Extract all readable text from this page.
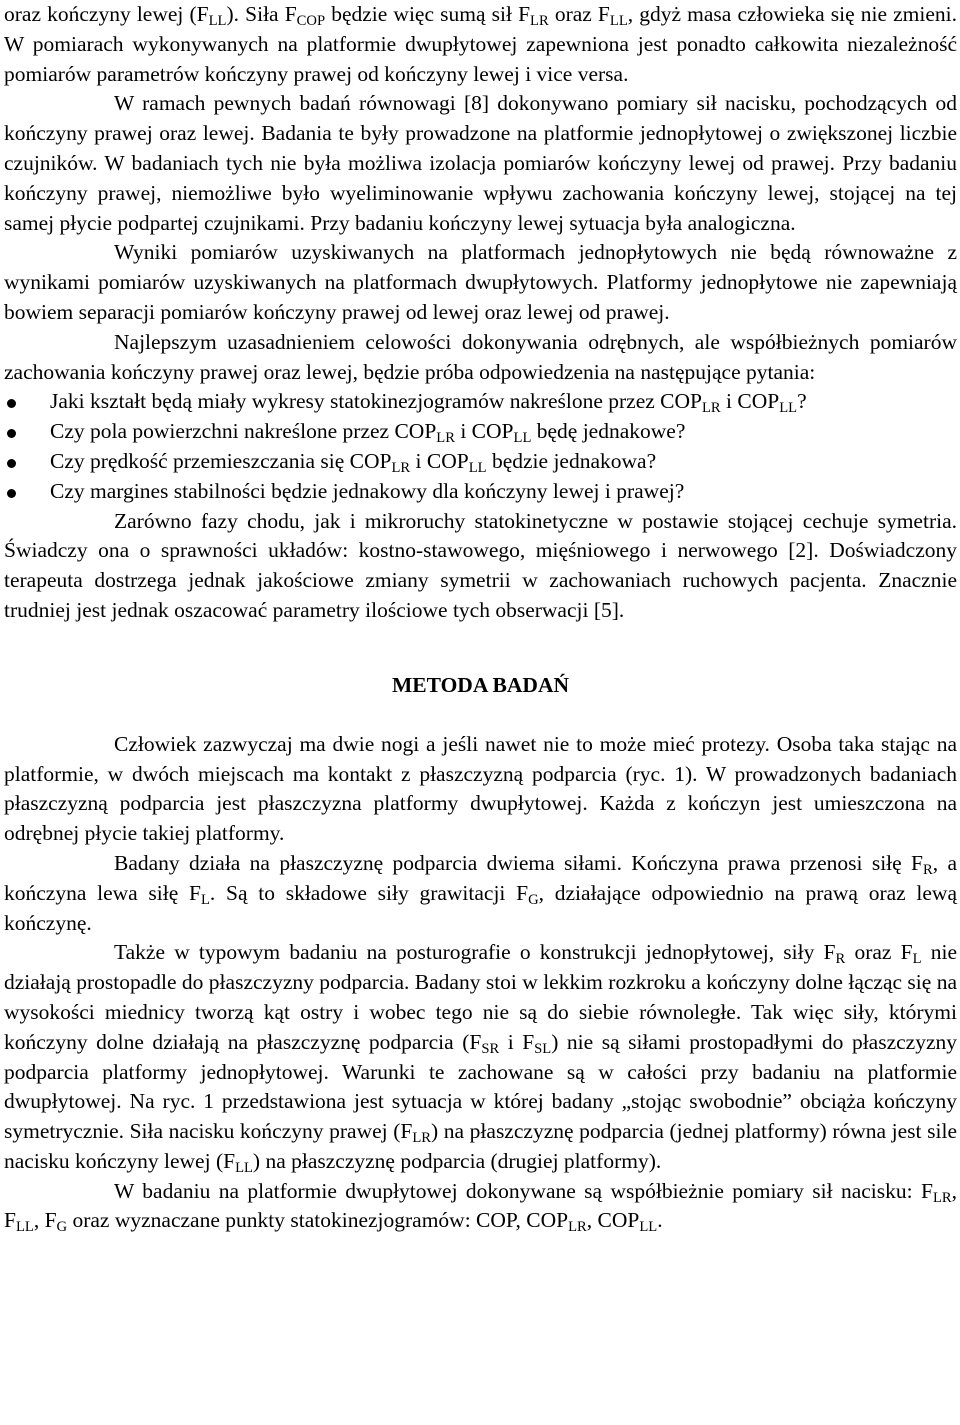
oraz kończyny lewej $(F_{LL})$. Siła $F_{COP}$ będzie więc sumą sił $F_{LR}$ oraz $F_{LL}$, gdyż masa człowieka się nie zmieni. W pomiarach wykonywanych na platformie dwupłytowej zapewniona jest ponadto całkowita niezależność pomiarów parametrów kończyny prawej od kończyny lewej i vice versa.

W ramach pewnych badań równowagi [8] dokonywano pomiary sił nacisku, pochodzących od kończyny prawej oraz lewej. Badania te były prowadzone na platformie jednopłytowej o zwiększonej liczbie czujników. W badaniach tych nie była możliwa izolacja pomiarów kończyny lewej od prawej. Przy badaniu kończyny prawej, niemożliwe było wyeliminowanie wpływu zachowania kończyny lewej, stojącej na tej samej płycie podpartej czujnikami. Przy badaniu kończyny lewej sytuacja była analogiczna.

Wyniki pomiarów uzyskiwanych na platformach jednopłytowych nie będą równoważne z wynikami pomiarów uzyskiwanych na platformach dwupłytowych. Platformy jednopłytowe nie zapewniają bowiem separacji pomiarów kończyny prawej od lewej oraz lewej od prawej.

Najlepszym uzasadnieniem celowości dokonywania odrębnych, ale współbieżnych pomiarów zachowania kończyny prawej oraz lewej, będzie próba odpowiedzenia na następujące pytania:

Jaki kształt będą miały wykresy statokinezjogramów nakreślone przez $COP_{LR}$ i $COP_{LL}$?
Czy pola powierzchni nakreślone przez $COP_{LR}$ i $COP_{LL}$ będę jednakowe?
Czy prędkość przemieszczania się $COP_{LR}$ i $COP_{LL}$ będzie jednakowa?
Czy margines stabilności będzie jednakowy dla kończyny lewej i prawej?

Zarówno fazy chodu, jak i mikroruchy statokinetyczne w postawie stojącej cechuje symetria. Świadczy ona o sprawności układów: kostno-stawowego, mięśniowego i nerwowego [2]. Doświadczony terapeuta dostrzega jednak jakościowe zmiany symetrii w zachowaniach ruchowych pacjenta. Znacznie trudniej jest jednak oszacować parametry ilościowe tych obserwacji [5].

METODA BADAŃ

Człowiek zazwyczaj ma dwie nogi a jeśli nawet nie to może mieć protezy. Osoba taka stając na platformie, w dwóch miejscach ma kontakt z płaszczyzną podparcia (ryc. 1). W prowadzonych badaniach płaszczyzną podparcia jest płaszczyzna platformy dwupłytowej. Każda z kończyn jest umieszczona na odrębnej płycie takiej platformy.

Badany działa na płaszczyznę podparcia dwiema siłami. Kończyna prawa przenosi siłę $F_R$, a kończyna lewa siłę $F_L$. Są to składowe siły grawitacji $F_G$, działające odpowiednio na prawą oraz lewą kończynę.

Także w typowym badaniu na posturografie o konstrukcji jednopłytowej, siły $F_R$ oraz $F_L$ nie działają prostopadle do płaszczyzny podparcia. Badany stoi w lekkim rozkroku a kończyny dolne łącząc się na wysokości miednicy tworzą kąt ostry i wobec tego nie są do siebie równoległe. Tak więc siły, którymi kończyny dolne działają na płaszczyznę podparcia ($F_{SR}$ i $F_{SL}$) nie są siłami prostopadłymi do płaszczyzny podparcia platformy jednopłytowej. Warunki te zachowane są w całości przy badaniu na platformie dwupłytowej. Na ryc. 1 przedstawiona jest sytuacja w której badany „stojąc swobodnie” obciąża kończyny symetrycznie. Siła nacisku kończyny prawej $(F_{LR})$ na płaszczyznę podparcia (jednej platformy) równa jest sile nacisku kończyny lewej $(F_{LL})$ na płaszczyznę podparcia (drugiej platformy).

W badaniu na platformie dwupłytowej dokonywane są współbieżnie pomiary sił nacisku: $F_{LR}$, $F_{LL}$, $F_G$ oraz wyznaczane punkty statokinezjogramów: COP, $COP_{LR}$, $COP_{LL}$.
